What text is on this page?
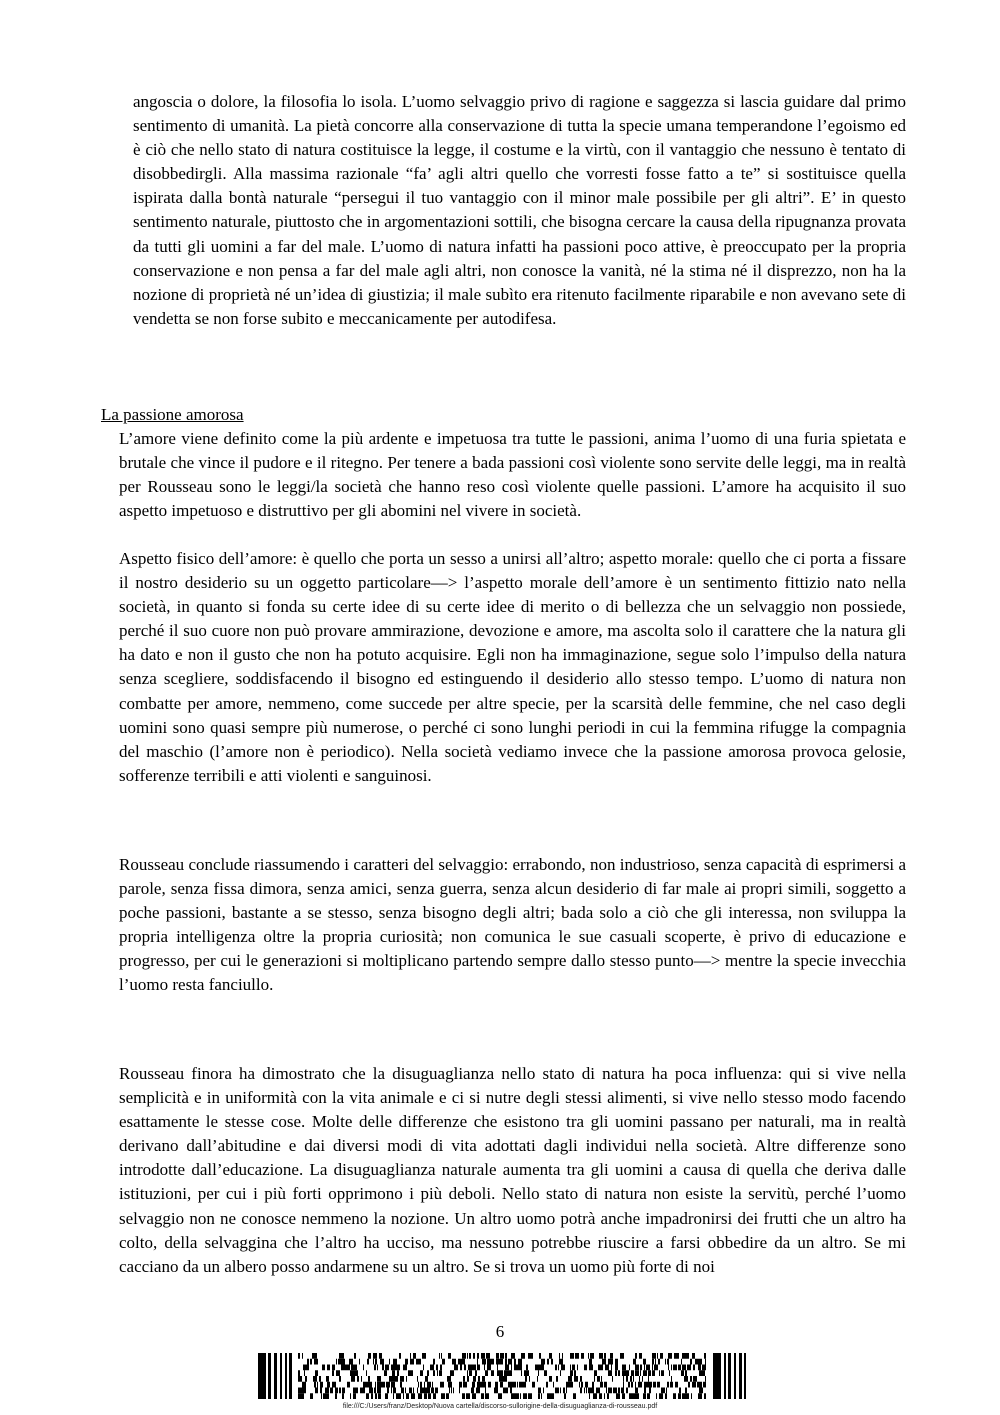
angoscia o dolore, la filosofia lo isola. L’uomo selvaggio privo di ragione e saggezza si lascia guidare dal primo sentimento di umanità. La pietà concorre alla conservazione di tutta la specie umana temperandone l’egoismo ed è ciò che nello stato di natura costituisce la legge, il costume e la virtù, con il vantaggio che nessuno è tentato di disobbedirgli. Alla massima razionale “fa’ agli altri quello che vorresti fosse fatto a te” si sostituisce quella ispirata dalla bontà naturale “persegui il tuo vantaggio con il minor male possibile per gli altri”. E’ in questo sentimento naturale, piuttosto che in argomentazioni sottili, che bisogna cercare la causa della ripugnanza provata da tutti gli uomini a far del male. L’uomo di natura infatti ha passioni poco attive, è preoccupato per la propria conservazione e non pensa a far del male agli altri, non conosce la vanità, né la stima né il disprezzo, non ha la nozione di proprietà né un’idea di giustizia; il male subìto era ritenuto facilmente riparabile e non avevano sete di vendetta se non forse subito e meccanicamente per autodifesa.

La passione amorosa

L’amore viene definito come la più ardente e impetuosa tra tutte le passioni, anima l’uomo di una furia spietata e brutale che vince il pudore e il ritegno. Per tenere a bada passioni così violente sono servite delle leggi, ma in realtà per Rousseau sono le leggi/la società che hanno reso così violente quelle passioni. L’amore ha acquisito il suo aspetto impetuoso e distruttivo per gli abomini nel vivere in società.

Aspetto fisico dell’amore: è quello che porta un sesso a unirsi all’altro; aspetto morale: quello che ci porta a fissare il nostro desiderio su un oggetto particolare—> l’aspetto morale dell’amore è un sentimento fittizio nato nella società, in quanto si fonda su certe idee di su certe idee di merito o di bellezza che un selvaggio non possiede, perché il suo cuore non può provare ammirazione, devozione e amore, ma ascolta solo il carattere che la natura gli ha dato e non il gusto che non ha potuto acquisire. Egli non ha immaginazione, segue solo l’impulso della natura senza scegliere, soddisfacendo il bisogno ed estinguendo il desiderio allo stesso tempo. L’uomo di natura non combatte per amore, nemmeno, come succede per altre specie, per la scarsità delle femmine, che nel caso degli uomini sono quasi sempre più numerose, o perché ci sono lunghi periodi in cui la femmina rifugge la compagnia del maschio (l’amore non è periodico). Nella società vediamo invece che la passione amorosa provoca gelosie, sofferenze terribili e atti violenti e sanguinosi.

Rousseau conclude riassumendo i caratteri del selvaggio: errabondo, non industrioso, senza capacità di esprimersi a parole, senza fissa dimora, senza amici, senza guerra, senza alcun desiderio di far male ai propri simili, soggetto a poche passioni, bastante a se stesso, senza bisogno degli altri; bada solo a ciò che gli interessa, non sviluppa la propria intelligenza oltre la propria curiosità; non comunica le sue casuali scoperte, è privo di educazione e progresso, per cui le generazioni si moltiplicano partendo sempre dallo stesso punto—> mentre la specie invecchia l’uomo resta fanciullo.

Rousseau finora ha dimostrato che la disuguaglianza nello stato di natura ha poca influenza: qui si vive nella semplicità e in uniformità con la vita animale e ci si nutre degli stessi alimenti, si vive nello stesso modo facendo esattamente le stesse cose. Molte delle differenze che esistono tra gli uomini passano per naturali, ma in realtà derivano dall’abitudine e dai diversi modi di vita adottati dagli individui nella società. Altre differenze sono introdotte dall’educazione. La disuguaglianza naturale aumenta tra gli uomini a causa di quella che deriva dalle istituzioni, per cui i più forti opprimono i più deboli. Nello stato di natura non esiste la servitù, perché l’uomo selvaggio non ne conosce nemmeno la nozione. Un altro uomo potrà anche impadronirsi dei frutti che un altro ha colto, della selvaggina che l’altro ha ucciso, ma nessuno potrebbe riuscire a farsi obbedire da un altro. Se mi cacciano da un albero posso andarmene su un altro. Se si trova un uomo più forte di noi

6
file:///C:/Users/franz/Desktop/Nuova cartella/discorso-sullorigine-della-disuguaglianza-di-rousseau.pdf
